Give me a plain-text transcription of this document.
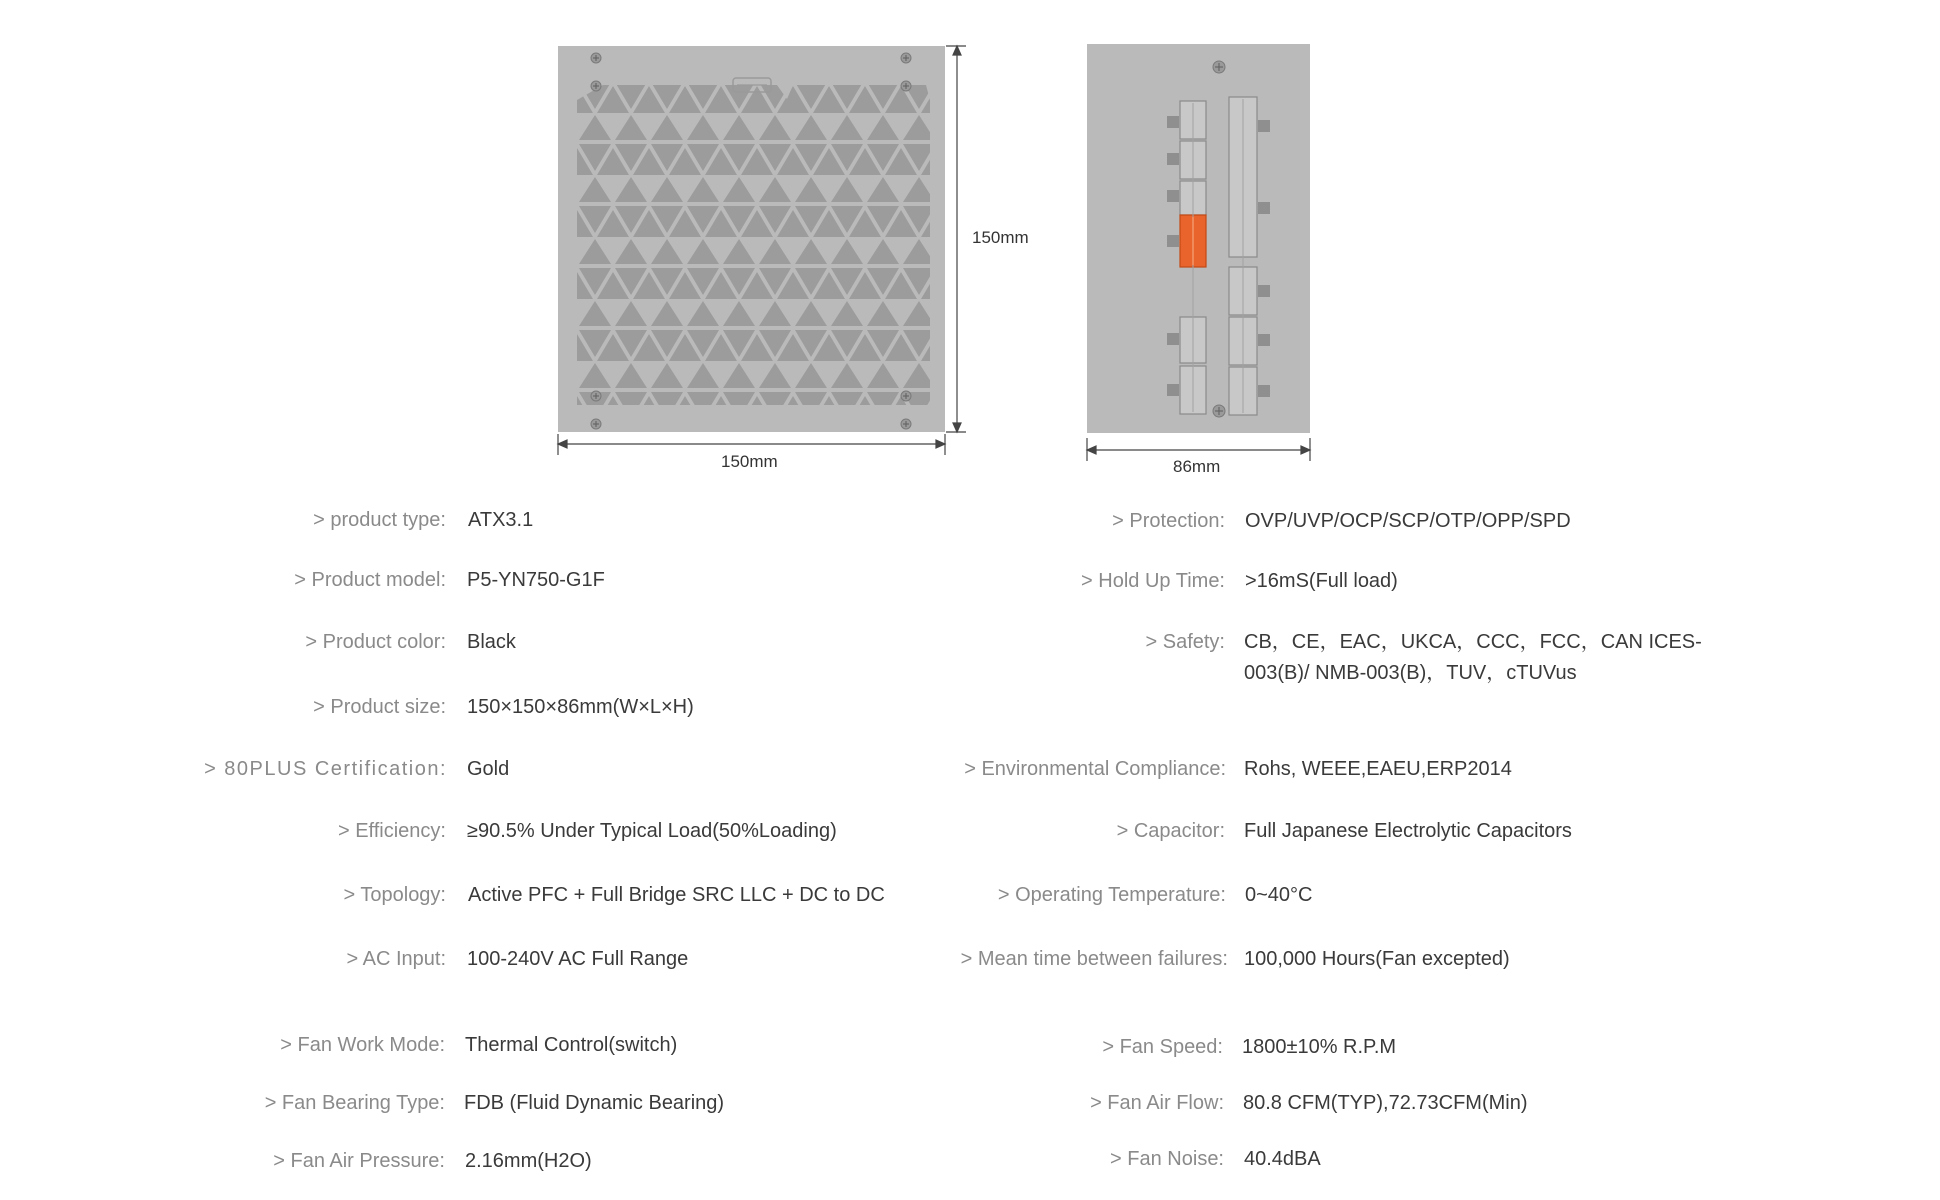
150mm
150mm	86mm
> product type: ATX3.1
> Product model: P5-YN750-G1F
> Product color: Black
> Product size: 150×150×86mm(W×L×H)
> 80PLUS Certification: Gold
> Efficiency: ≥90.5% Under Typical Load(50%Loading)
> Topology: Active PFC + Full Bridge SRC LLC + DC to DC
> AC Input: 100-240V AC Full Range
> Fan Work Mode: Thermal Control(switch)
> Fan Bearing Type: FDB (Fluid Dynamic Bearing)
> Fan Air Pressure: 2.16mm(H2O)
> Protection: OVP/UVP/OCP/SCP/OTP/OPP/SPD
> Hold Up Time: >16mS(Full load)
> Safety: CB，CE，EAC，UKCA，CCC，FCC，CAN ICES-003(B)/ NMB-003(B)，TUV，cTUVus
> Environmental Compliance: Rohs, WEEE,EAEU,ERP2014
> Capacitor: Full Japanese Electrolytic Capacitors
> Operating Temperature: 0~40°C
> Mean time between failures: 100,000 Hours(Fan excepted)
> Fan Speed: 1800±10% R.P.M
> Fan Air Flow: 80.8 CFM(TYP),72.73CFM(Min)
> Fan Noise: 40.4dBA
